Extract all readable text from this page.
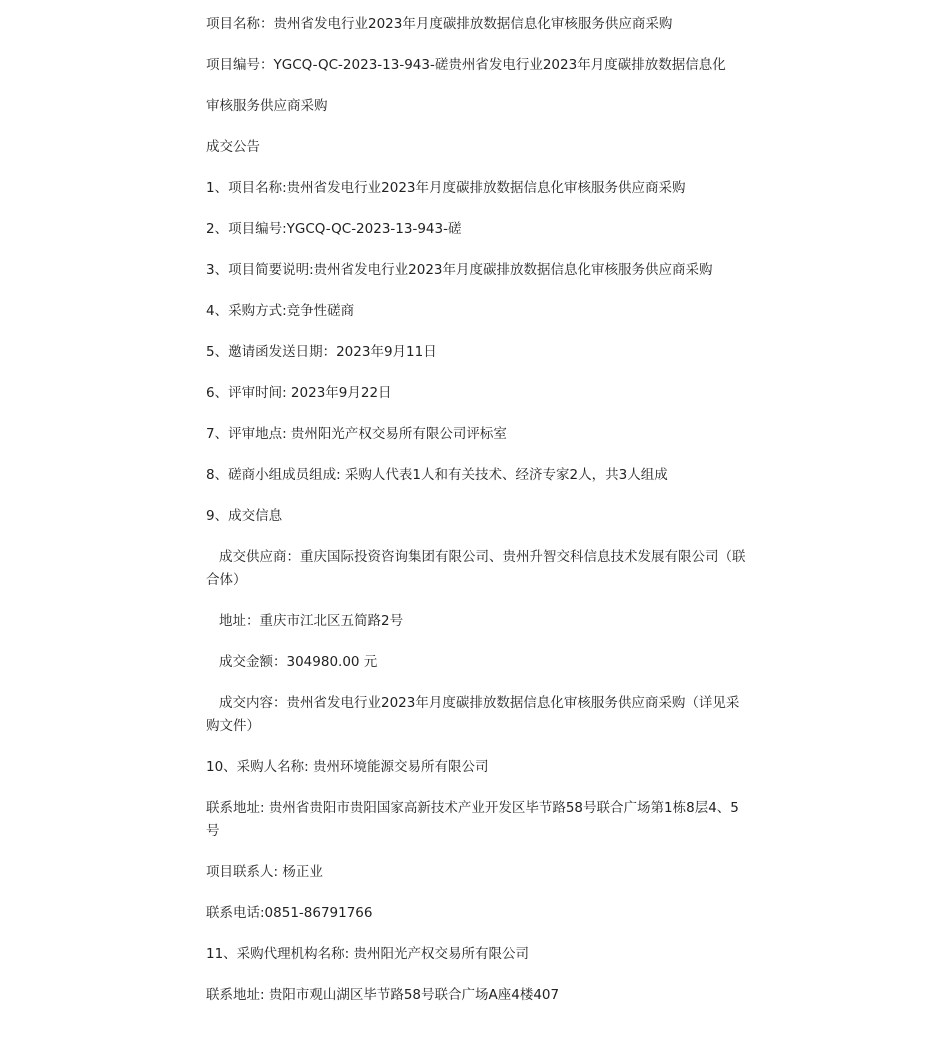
项目名称：贵州省发电行业2023年月度碳排放数据信息化审核服务供应商采购
项目编号：YGCQ-QC-2023-13-943-磋贵州省发电行业2023年月度碳排放数据信息化
审核服务供应商采购
成交公告
1、项目名称:贵州省发电行业2023年月度碳排放数据信息化审核服务供应商采购
2、项目编号:YGCQ-QC-2023-13-943-磋
3、项目简要说明:贵州省发电行业2023年月度碳排放数据信息化审核服务供应商采购
4、采购方式:竞争性磋商
5、邀请函发送日期：2023年9月11日
6、评审时间: 2023年9月22日
7、评审地点: 贵州阳光产权交易所有限公司评标室
8、磋商小组成员组成: 采购人代表1人和有关技术、经济专家2人，共3人组成
9、成交信息
成交供应商：重庆国际投资咨询集团有限公司、贵州升智交科信息技术发展有限公司（联合体）
地址：重庆市江北区五简路2号
成交金额：304980.00 元
成交内容：贵州省发电行业2023年月度碳排放数据信息化审核服务供应商采购（详见采购文件）
10、采购人名称: 贵州环境能源交易所有限公司
联系地址: 贵州省贵阳市贵阳国家高新技术产业开发区毕节路58号联合广场第1栋8层4、5号
项目联系人: 杨正业
联系电话:0851-86791766
11、采购代理机构名称: 贵州阳光产权交易所有限公司
联系地址: 贵阳市观山湖区毕节路58号联合广场A座4楼407
